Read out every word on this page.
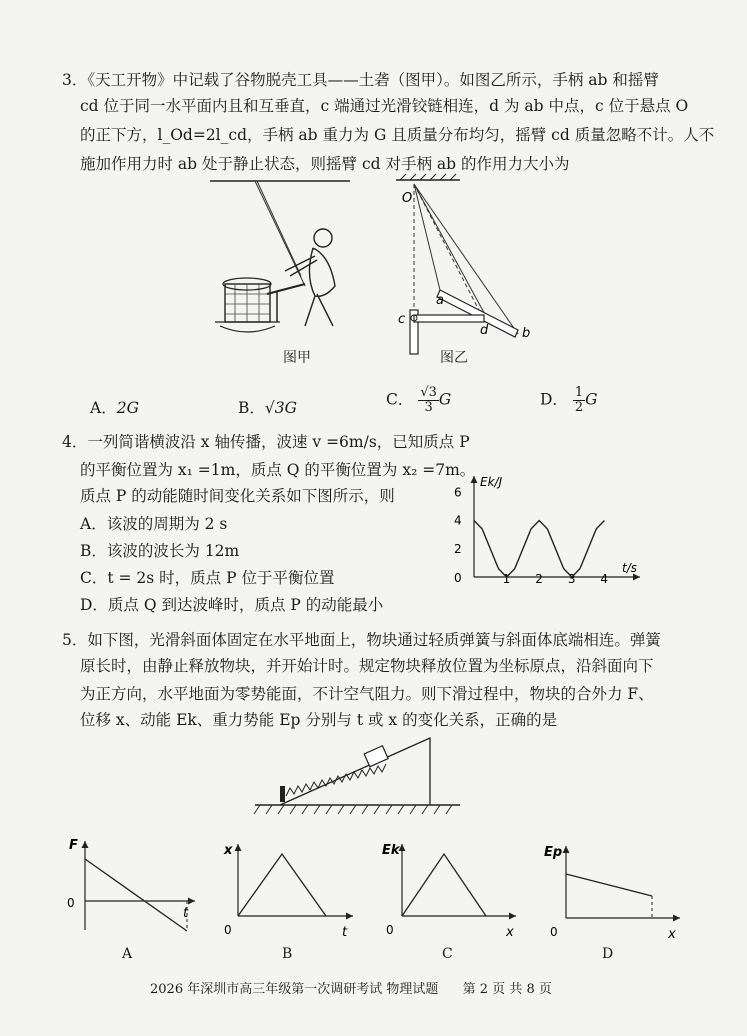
3．《天工开物》中记载了谷物脱壳工具——土砻（图甲）。如图乙所示，手柄 ab 和摇臂
cd 位于同一水平面内且和互垂直，c 端通过光滑铰链相连，d 为 ab 中点，c 位于悬点 O
的正下方，l_Od=2l_cd，手柄 ab 重力为 G 且质量分布均匀，摇臂 cd 质量忽略不计。人不
施加作用力时 ab 处于静止状态，则摇臂 cd 对手柄 ab 的作用力大小为
图甲
O
a
b
c
d
图乙
A．2G	B．√3G	C． $\frac{√3}{3}$ G	D． $\frac{1}{2}$ G
4．一列简谐横波沿 x 轴传播，波速 v =6m/s，已知质点 P
的平衡位置为 x₁ =1m，质点 Q 的平衡位置为 x₂ =7m。
质点 P 的动能随时间变化关系如下图所示，则
A．该波的周期为 2 s
B．该波的波长为 12m
C．t = 2s 时，质点 P 位于平衡位置
D．质点 Q 到达波峰时，质点 P 的动能最小
1 2 3 4
2
4
6
Ek/J
t/s
0
5．如下图，光滑斜面体固定在水平地面上，物块通过轻质弹簧与斜面体底端相连。弹簧
原长时，由静止释放物块，并开始计时。规定物块释放位置为坐标原点，沿斜面向下
为正方向，水平地面为零势能面，不计空气阻力。则下滑过程中，物块的合外力 F、
位移 x、动能 Ek、重力势能 Ep 分别与 t 或 x 的变化关系，正确的是
F
0
t
A
x
0	t
B
Ek
0	x
C
Ep
0	x
D
2026 年深圳市高三年级第一次调研考试 物理试题 第 2 页 共 8 页
